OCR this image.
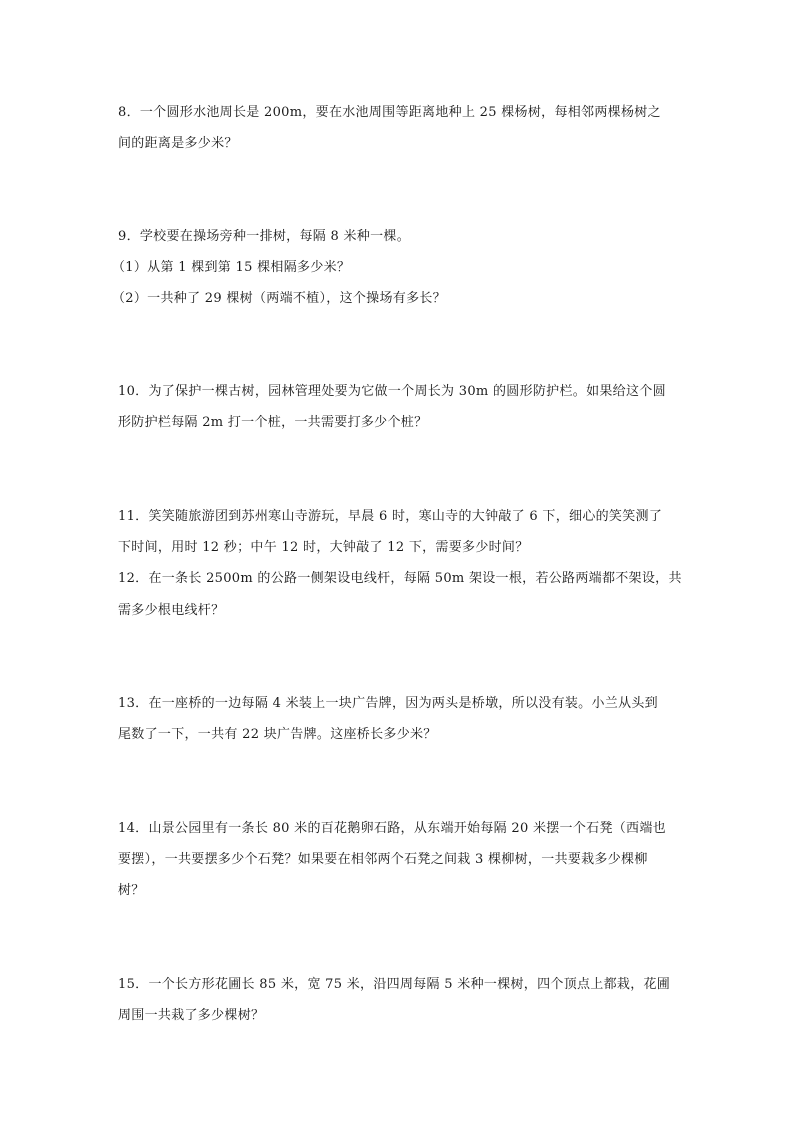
8．一个圆形水池周长是 200m，要在水池周围等距离地种上 25 棵杨树，每相邻两棵杨树之
间的距离是多少米？
9．学校要在操场旁种一排树，每隔 8 米种一棵。
（1）从第 1 棵到第 15 棵相隔多少米？
（2）一共种了 29 棵树（两端不植），这个操场有多长？
10．为了保护一棵古树，园林管理处要为它做一个周长为 30m 的圆形防护栏。如果给这个圆
形防护栏每隔 2m 打一个桩，一共需要打多少个桩？
11．笑笑随旅游团到苏州寒山寺游玩，早晨 6 时，寒山寺的大钟敲了 6 下，细心的笑笑测了
下时间，用时 12 秒；中午 12 时，大钟敲了 12 下，需要多少时间？
12．在一条长 2500m 的公路一侧架设电线杆，每隔 50m 架设一根，若公路两端都不架设，共
需多少根电线杆？
13．在一座桥的一边每隔 4 米装上一块广告牌，因为两头是桥墩，所以没有装。小兰从头到
尾数了一下，一共有 22 块广告牌。这座桥长多少米？
14．山景公园里有一条长 80 米的百花鹅卵石路，从东端开始每隔 20 米摆一个石凳（西端也
要摆），一共要摆多少个石凳？如果要在相邻两个石凳之间栽 3 棵柳树，一共要栽多少棵柳
树？
15．一个长方形花圃长 85 米，宽 75 米，沿四周每隔 5 米种一棵树，四个顶点上都栽，花圃
周围一共栽了多少棵树？
